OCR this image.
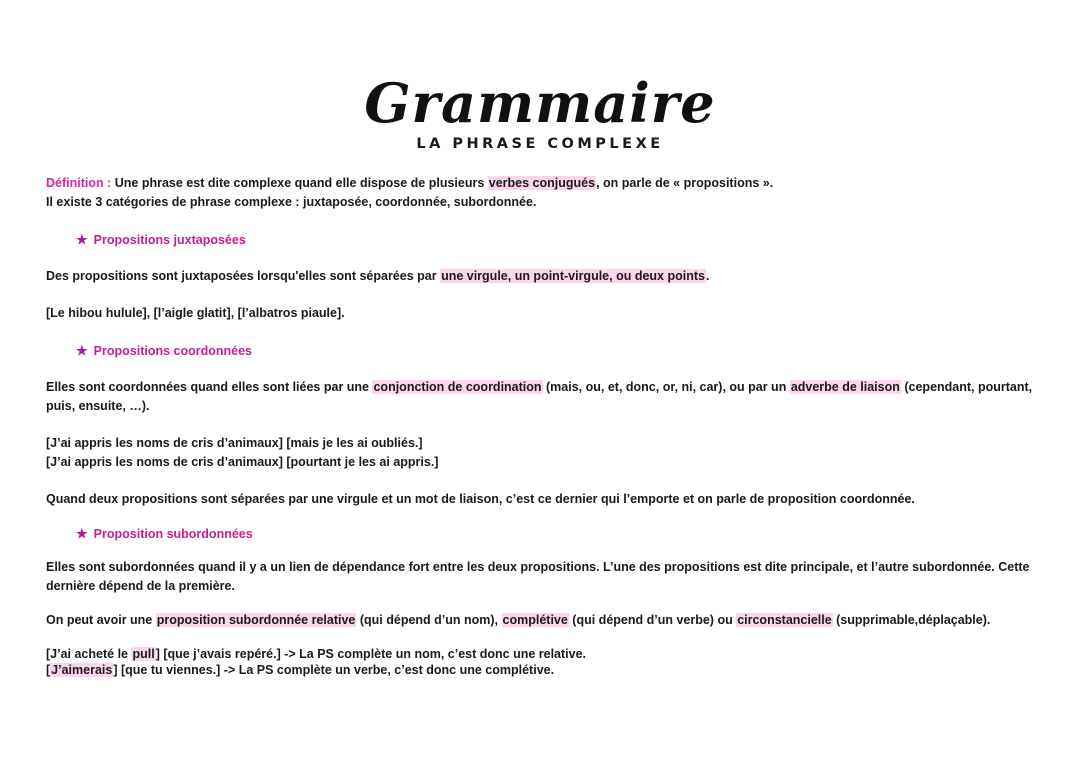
Grammaire
LA PHRASE COMPLEXE
Définition : Une phrase est dite complexe quand elle dispose de plusieurs verbes conjugués, on parle de « propositions ».
Il existe 3 catégories de phrase complexe : juxtaposée, coordonnée, subordonnée.
★ Propositions juxtaposées
Des propositions sont juxtaposées lorsqu'elles sont séparées par une virgule, un point-virgule, ou deux points.
[Le hibou hulule], [l’aigle glatit], [l’albatros piaule].
★ Propositions coordonnées
Elles sont coordonnées quand elles sont liées par une conjonction de coordination (mais, ou, et, donc, or, ni, car), ou par un adverbe de liaison (cependant, pourtant,
puis, ensuite, …).
[J’ai appris les noms de cris d’animaux] [mais je les ai oubliés.]
[J’ai appris les noms de cris d’animaux] [pourtant je les ai appris.]
Quand deux propositions sont séparées par une virgule et un mot de liaison, c’est ce dernier qui l’emporte et on parle de proposition coordonnée.
★ Proposition subordonnées
Elles sont subordonnées quand il y a un lien de dépendance fort entre les deux propositions. L’une des propositions est dite principale, et l’autre subordonnée. Cette
dernière dépend de la première.
On peut avoir une proposition subordonnée relative (qui dépend d’un nom), complétive (qui dépend d’un verbe) ou circonstancielle (supprimable,déplaçable).
[J’ai acheté le pull] [que j’avais repéré.] -> La PS complète un nom, c’est donc une relative.
[J’aimerais] [que tu viennes.] -> La PS complète un verbe, c’est donc une complétive.
